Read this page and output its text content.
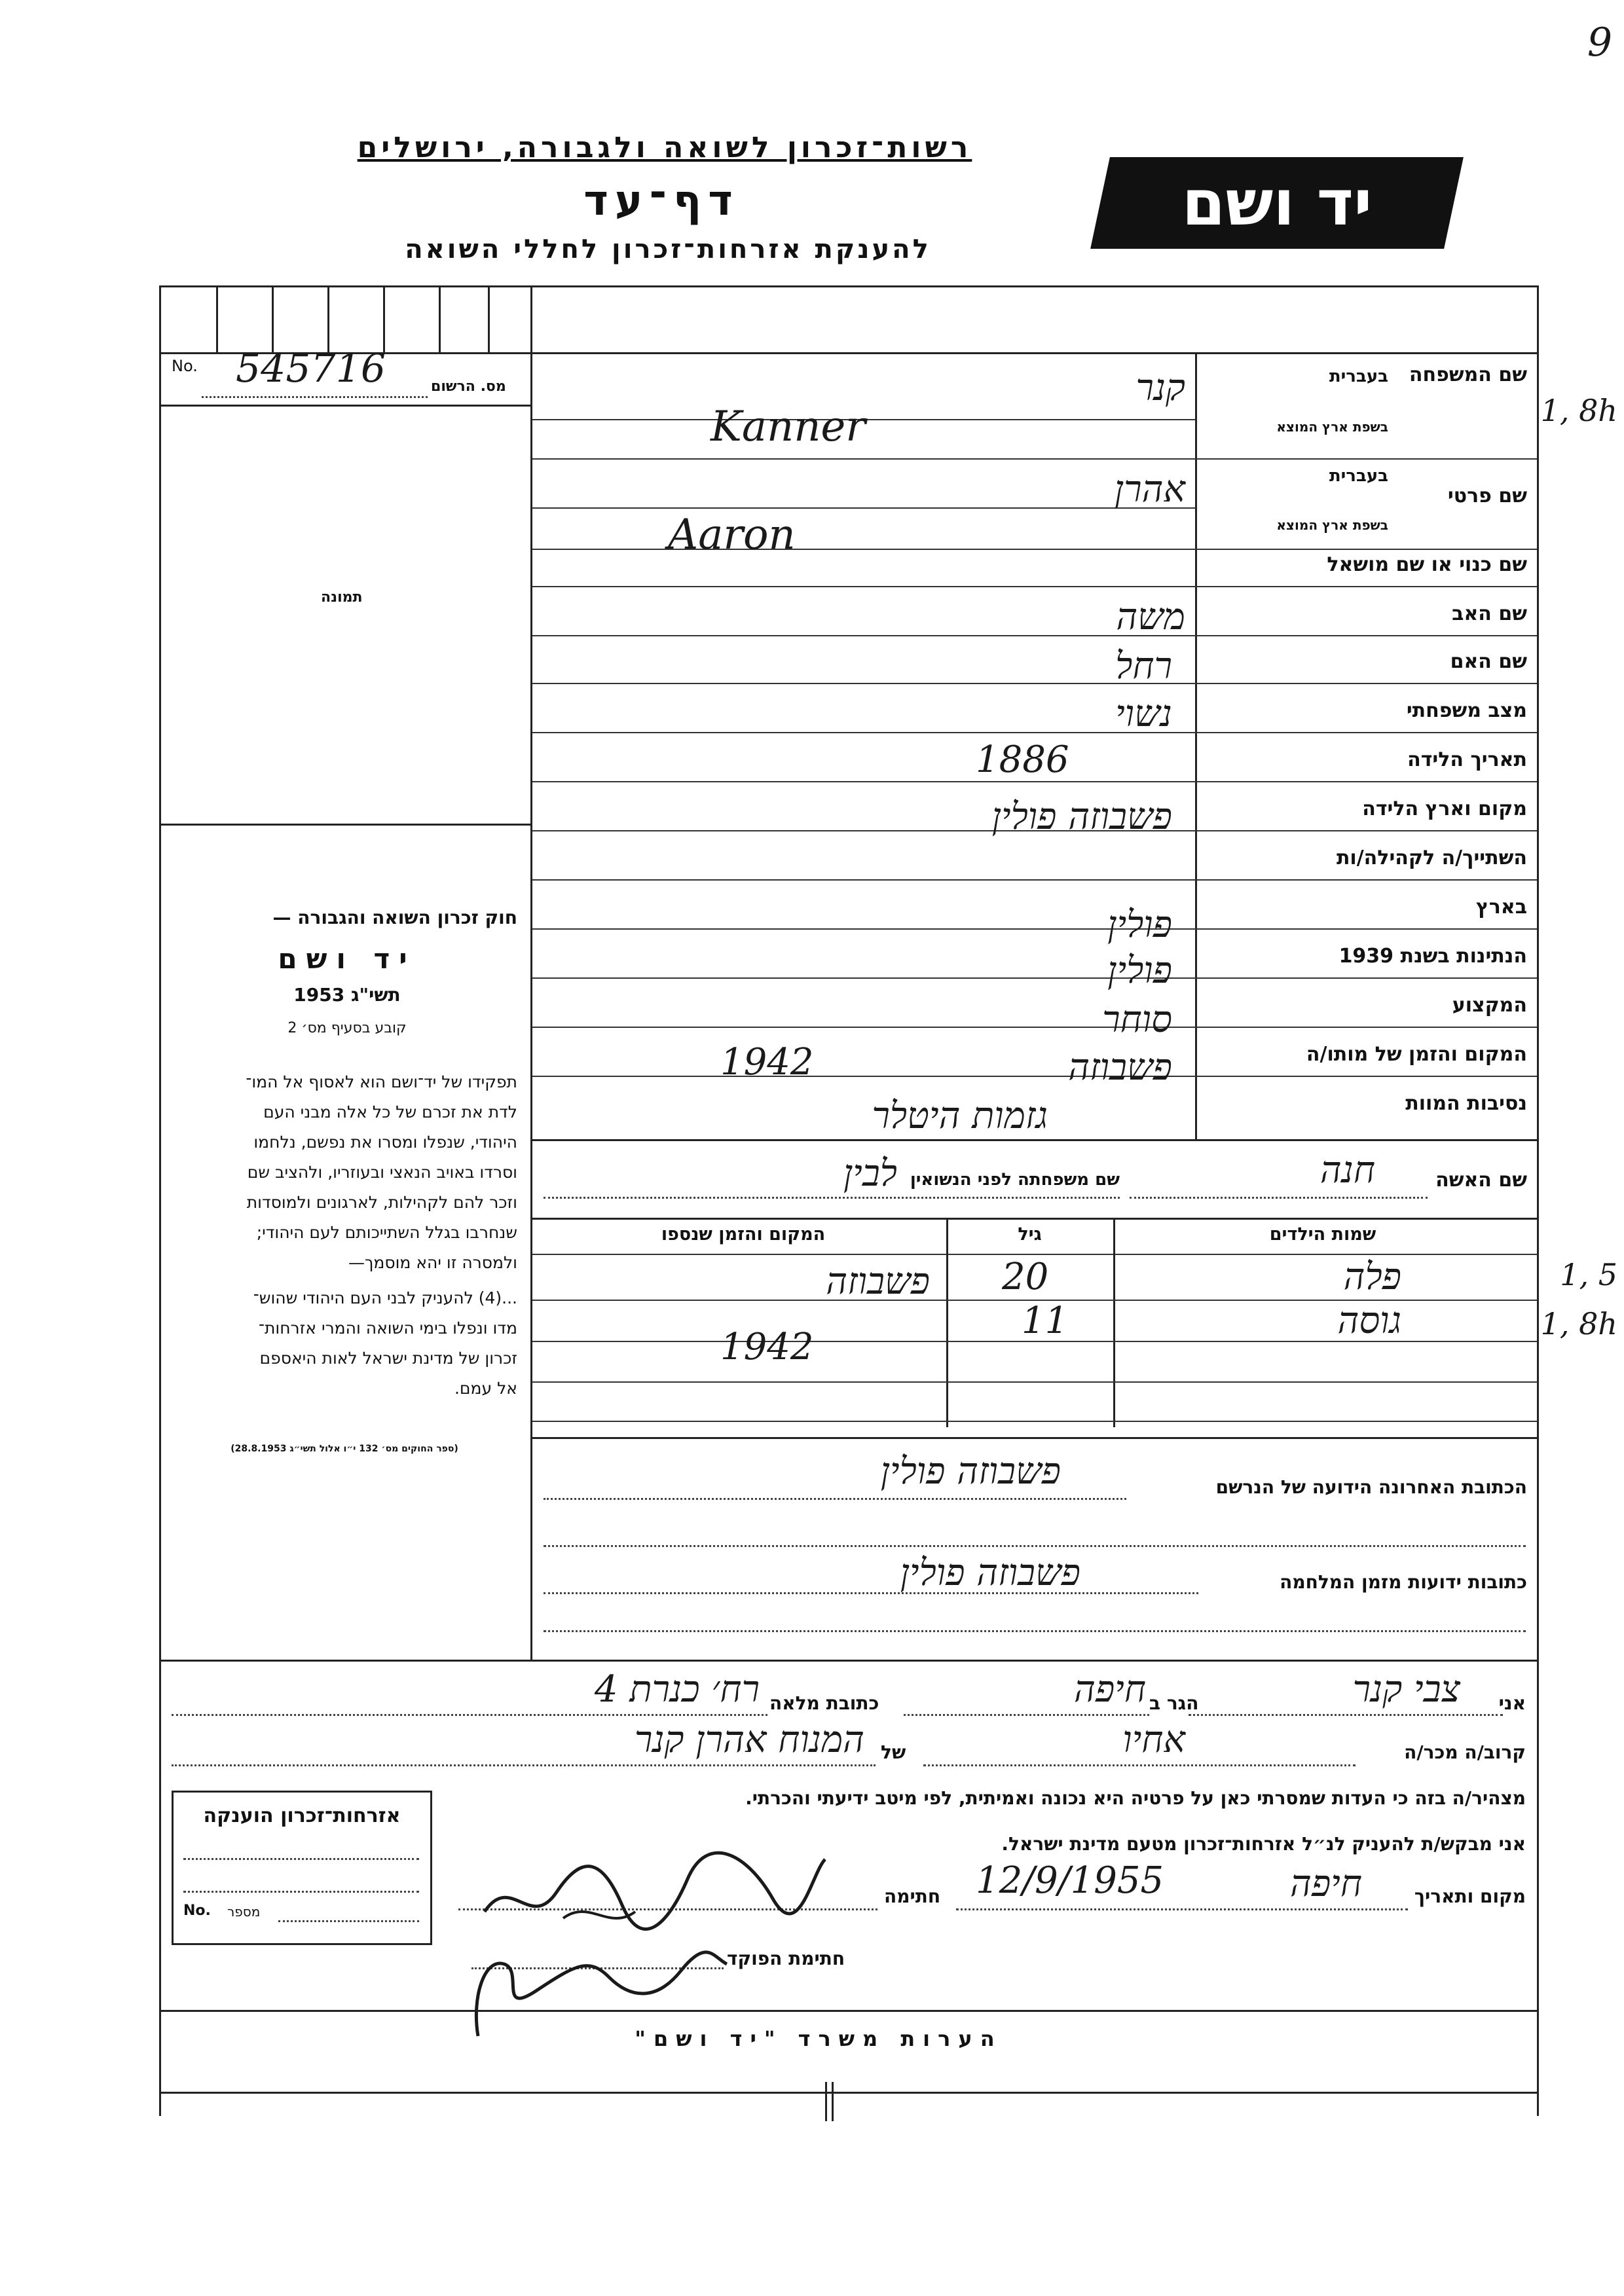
9
1, 8h
1, 5
1, 8h
רשות־זכרון לשואה ולגבורה, ירושלים
דף־עד
להענקת אזרחות־זכרון לחללי השואה
יד ושם
No. 545716	מס. הרשום
תמונה
חוק זכרון השואה והגבורה —
יד ושם
תשי"ג 1953
קובע בסעיף מס׳ 2
תפקידו של יד־ושם הוא לאסוף אל המו־
לדת את זכרם של כל אלה מבני העם
היהודי, שנפלו ומסרו את נפשם, נלחמו
וסרדו באויב הנאצי ובעוזריו, ולהציב שם
וזכר להם לקהילות, לארגונים ולמוסדות
שנחרבו בגלל השתייכותם לעם היהודי;
ולמסרה זו יהא מוסמך—
...(4) להעניק לבני העם היהודי שהוש־
מדו ונפלו בימי השואה והמרי אזרחות־
זכרון של מדינת ישראל לאות היאספם
אל עמם.
(ספר החוקים מס׳ 132 י״ו אלול תשי״ג 28.8.1953)
שם המשפחה
בעברית
בשפת ארץ המוצא
שם פרטי
בעברית
בשפת ארץ המוצא
שם כנוי או שם מושאל
שם האב
שם האם
מצב משפחתי
תאריך הלידה
מקום וארץ הלידה
השתייך/ה לקהילה/ות
בארץ
הנתינות בשנת 1939
המקצוע
המקום והזמן של מותו/ה
נסיבות המוות
קנר
Kanner
אהרן
Aaron
משה
רחל
נשוי
1886
פשבוזה פולין
פולין
פולין
סוחר
1942	פשבוזה
גזמות היטלר
שם האשה
חנה
שם משפחתה לפני הנשואין
לבין
שמות הילדים
גיל
המקום והזמן שנספו
פלה
20
פשבוזה
גוסה
11
1942
הכתובת האחרונה הידועה של הנרשם
פשבוזה פולין
כתובות ידועות מזמן המלחמה
פשבוזה פולין
אני
צבי קנר
הגר ב
חיפה
כתובת מלאה
רח׳ כנרת 4
קרוב/ה מכר/ה
אחיו
של
המנוח אהרן קנר
מצהיר/ה בזה כי העדות שמסרתי כאן על פרטיה היא נכונה ואמיתית, לפי מיטב ידיעתי והכרתי.
אני מבקש/ת להעניק לנ״ל אזרחות־זכרון מטעם מדינת ישראל.
מקום ותאריך
חיפה
12/9/1955
חתימה
חתימת הפוקד
אזרחות־זכרון הוענקה
No. מספר
הערות משרד "יד ושם"
